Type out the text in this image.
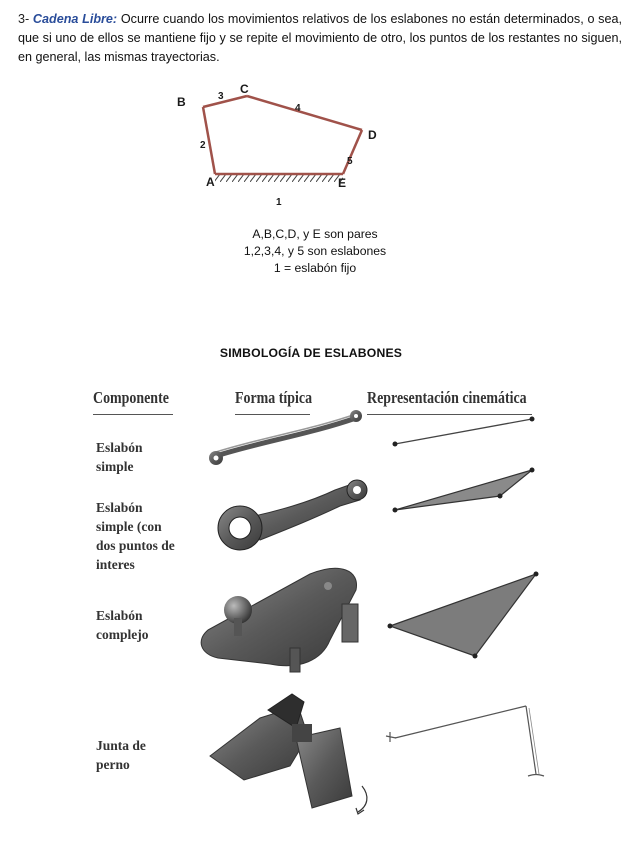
3- Cadena Libre: Ocurre cuando los movimientos relativos de los eslabones no están determinados, o sea, que si uno de ellos se mantiene fijo y se repite el movimiento de otro, los puntos de los restantes no siguen, en general, las mismas trayectorias.
A
B
C
D
E
1
2
3
4
5
A,B,C,D, y E son pares
1,2,3,4, y 5 son eslabones
1 = eslabón fijo
SIMBOLOGÍA DE ESLABONES
Componente	Forma típica	Representación cinemática
Eslabón
simple
Eslabón
simple (con
dos puntos de
interes
Eslabón
complejo
Junta de
perno
